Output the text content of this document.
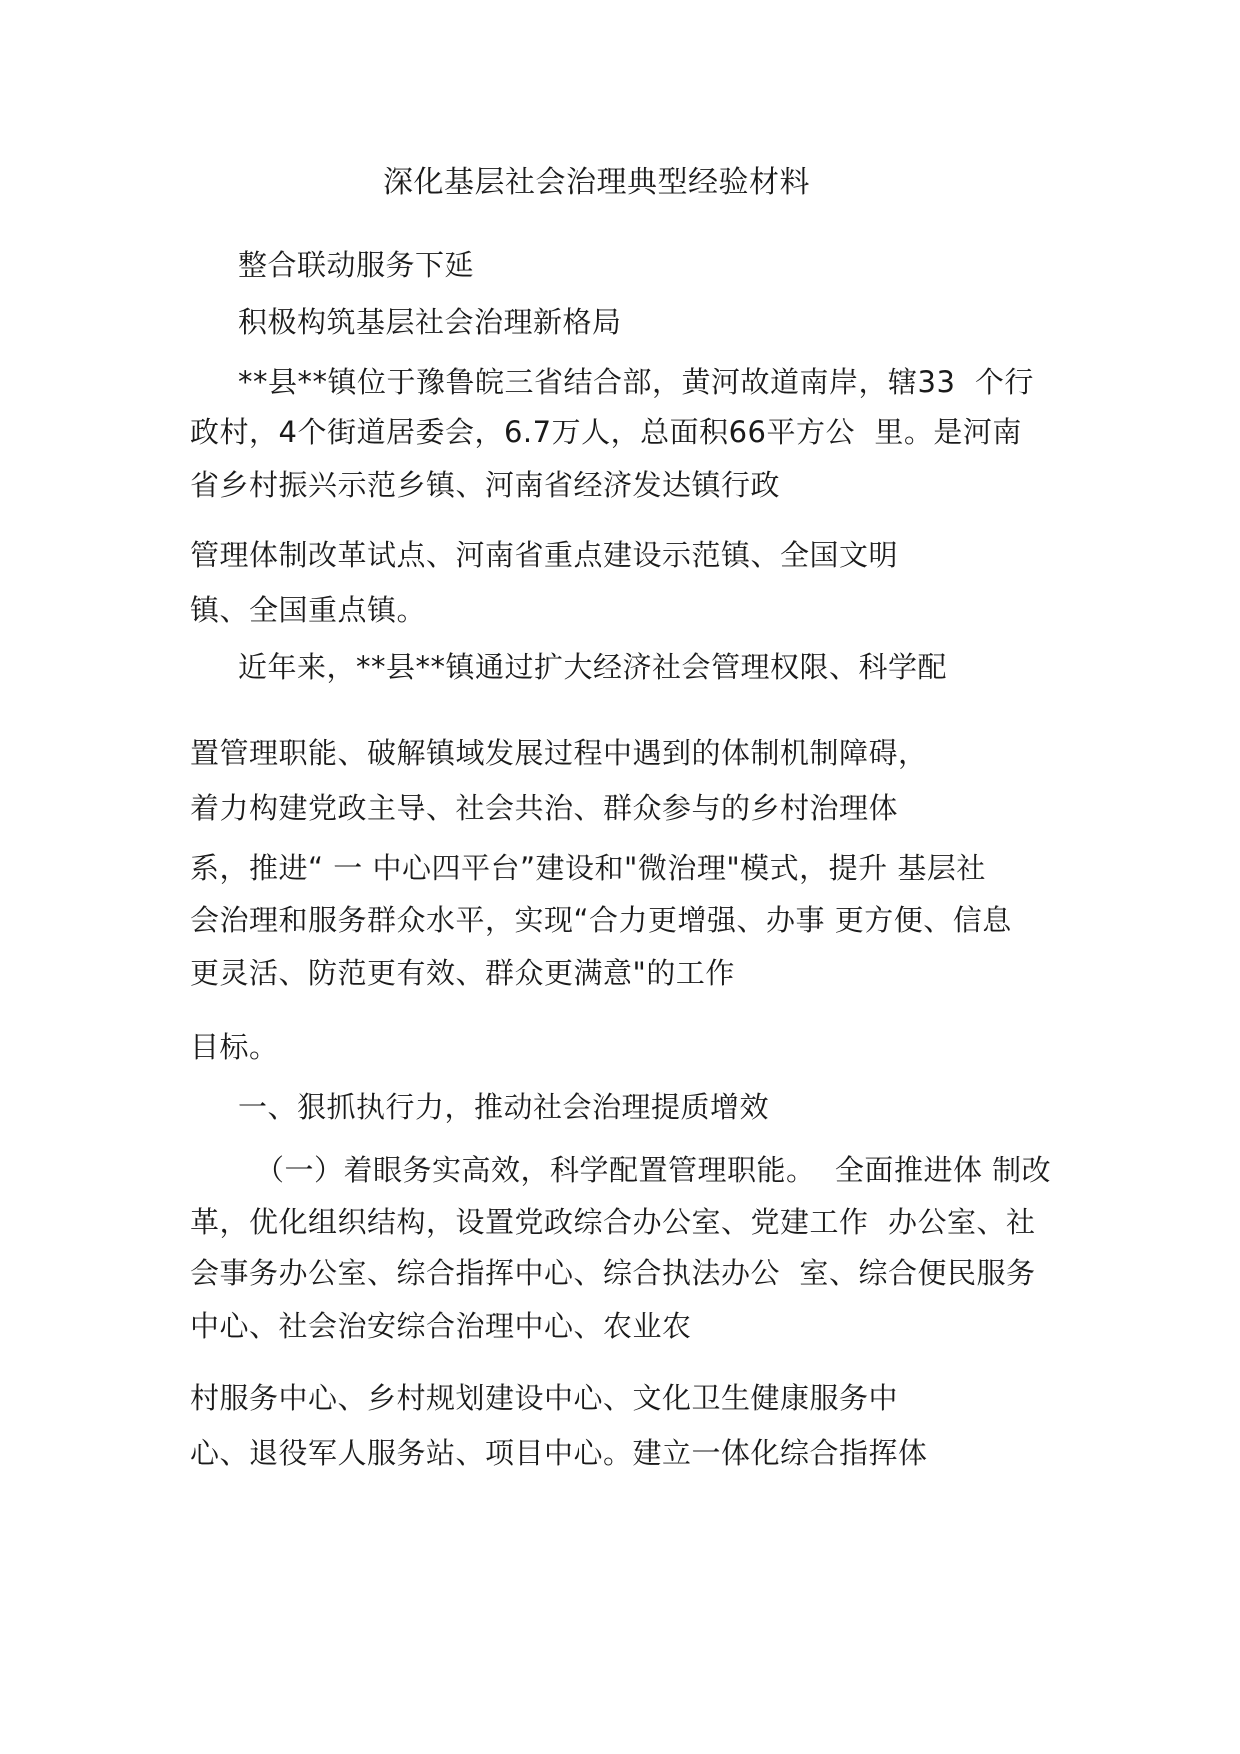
深化基层社会治理典型经验材料
整合联动服务下延
积极构筑基层社会治理新格局
**县**镇位于豫鲁皖三省结合部，黄河故道南岸，辖33  个行
政村，4个街道居委会，6.7万人，总面积66平方公  里。是河南
省乡村振兴示范乡镇、河南省经济发达镇行政
管理体制改革试点、河南省重点建设示范镇、全国文明
镇、全国重点镇。
近年来，**县**镇通过扩大经济社会管理权限、科学配
置管理职能、破解镇域发展过程中遇到的体制机制障碍，
着力构建党政主导、社会共治、群众参与的乡村治理体
系，推进“ 一 中心四平台”建设和"微治理"模式，提升 基层社
会治理和服务群众水平，实现“合力更增强、办事 更方便、信息
更灵活、防范更有效、群众更满意"的工作
目标。
一、狠抓执行力，推动社会治理提质增效
（一）着眼务实高效，科学配置管理职能。  全面推进体 制改
革，优化组织结构，设置党政综合办公室、党建工作  办公室、社
会事务办公室、综合指挥中心、综合执法办公  室、综合便民服务
中心、社会治安综合治理中心、农业农
村服务中心、乡村规划建设中心、文化卫生健康服务中
心、退役军人服务站、项目中心。建立一体化综合指挥体
